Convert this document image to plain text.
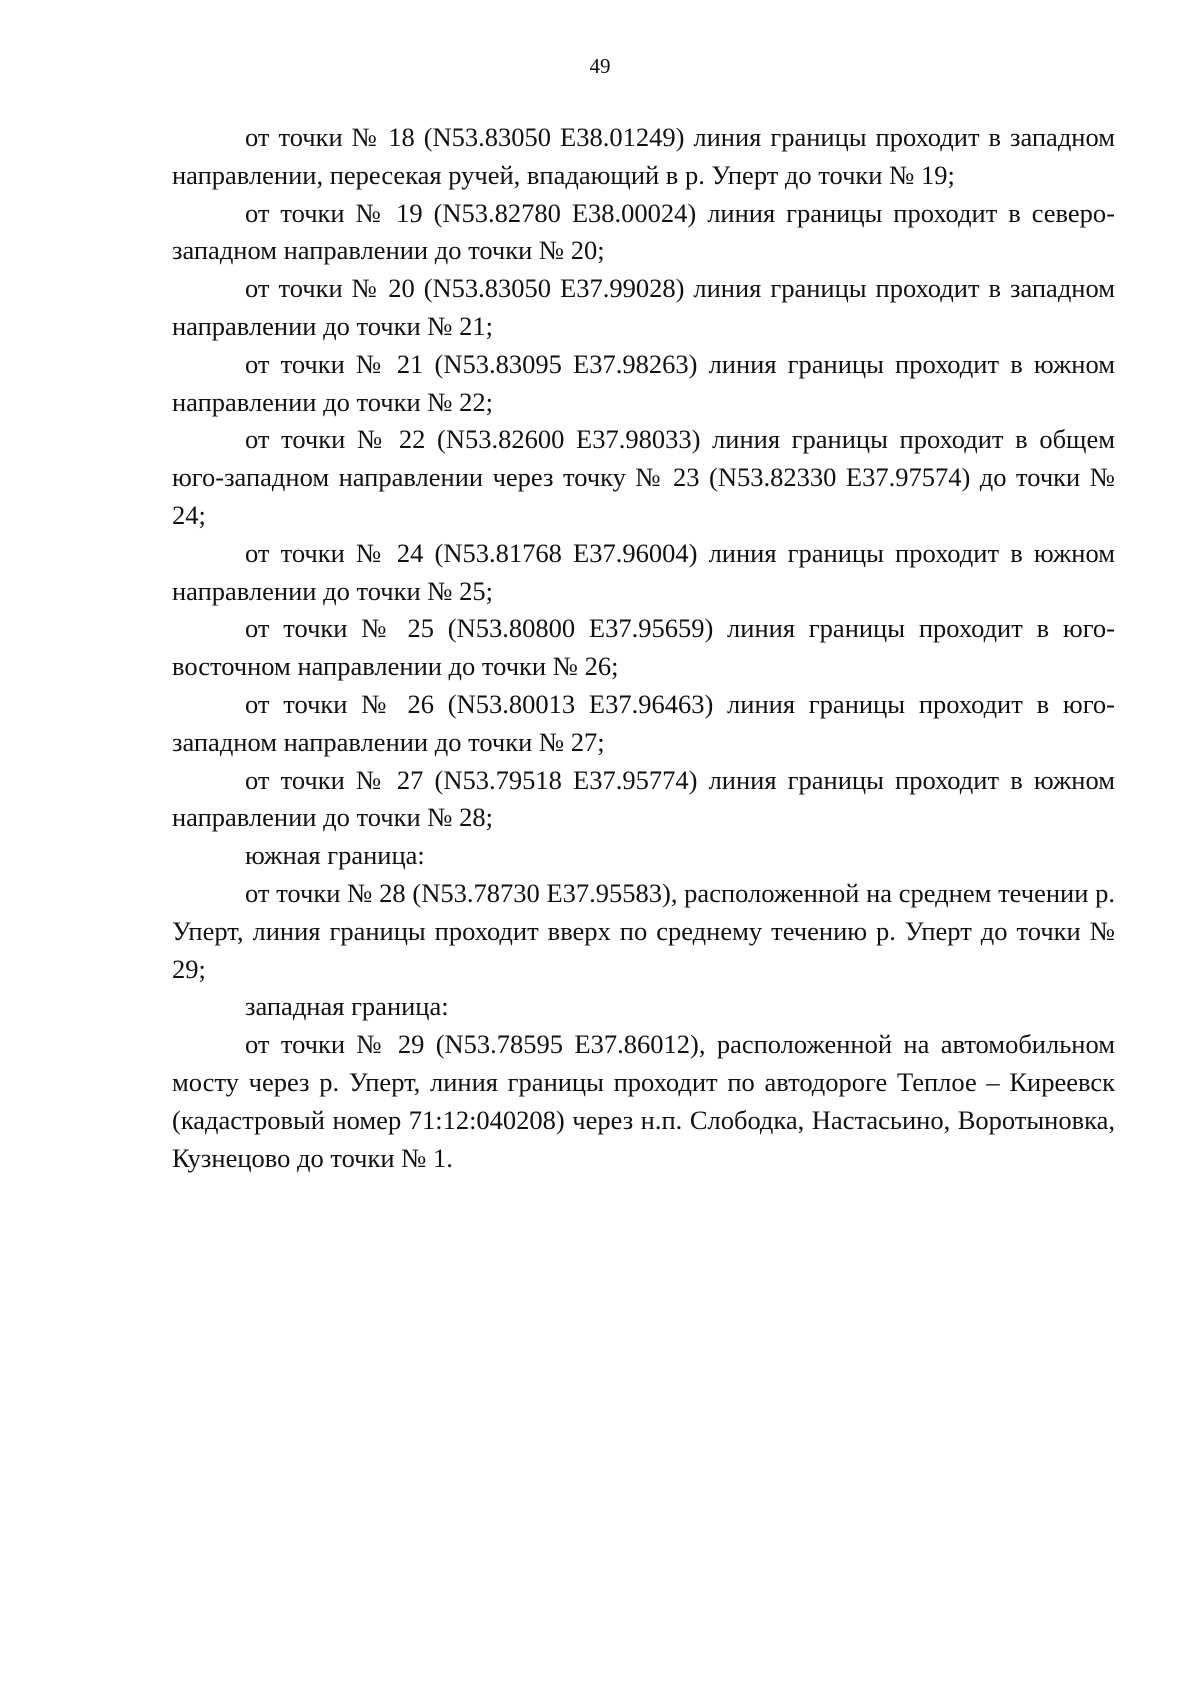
49

от точки № 18 (N53.83050 E38.01249) линия границы проходит в западном направлении, пересекая ручей, впадающий в р. Уперт до точки № 19;

от точки № 19 (N53.82780 E38.00024) линия границы проходит в северо-западном направлении до точки № 20;

от точки № 20 (N53.83050 E37.99028) линия границы проходит в западном направлении до точки № 21;

от точки № 21 (N53.83095 E37.98263) линия границы проходит в южном направлении до точки № 22;

от точки № 22 (N53.82600 E37.98033) линия границы проходит в общем юго-западном направлении через точку № 23 (N53.82330 E37.97574) до точки № 24;

от точки № 24 (N53.81768 E37.96004) линия границы проходит в южном направлении до точки № 25;

от точки № 25 (N53.80800 E37.95659) линия границы проходит в юго-восточном направлении до точки № 26;

от точки № 26 (N53.80013 E37.96463) линия границы проходит в юго-западном направлении до точки № 27;

от точки № 27 (N53.79518 E37.95774) линия границы проходит в южном направлении до точки № 28;

южная граница:

от точки № 28 (N53.78730 E37.95583), расположенной на среднем течении р. Уперт, линия границы проходит вверх по среднему течению р. Уперт до точки № 29;

западная граница:

от точки № 29 (N53.78595 E37.86012), расположенной на автомобильном мосту через р. Уперт, линия границы проходит по автодороге Теплое – Киреевск (кадастровый номер 71:12:040208) через н.п. Слободка, Настасьино, Воротыновка, Кузнецово до точки № 1.
